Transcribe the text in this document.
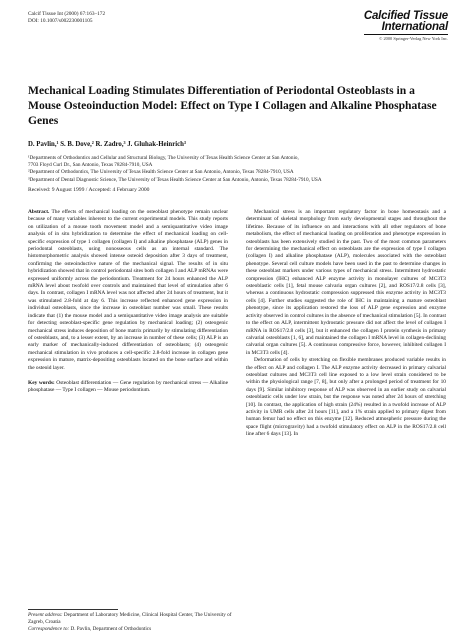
Calcif Tissue Int (2000) 67:163–172
DOI: 10.1007/s002230001105	Calcified Tissue
International
© 2000 Springer-Verlag New York Inc.
Mechanical Loading Stimulates Differentiation of Periodontal Osteoblasts in a Mouse Osteoinduction Model: Effect on Type I Collagen and Alkaline Phosphatase Genes
D. Pavlin,¹ S. B. Dove,² R. Zadro,³ J. Gluhak-Heinrich³
¹Departments of Orthodontics and Cellular and Structural Biology, The University of Texas Health Science Center at San Antonio,
7703 Floyd Curl Dr., San Antonio, Texas 78284-7910, USA
²Department of Orthodontics, The University of Texas Health Science Center at San Antonio, Antonio, Texas 78284-7910, USA
³Department of Dental Diagnostic Science, The University of Texas Health Science Center at San Antonio, Antonio, Texas 78284-7910, USA
Received: 9 August 1999 / Accepted: 4 February 2000

Abstract. The effects of mechanical loading on the osteoblast phenotype remain unclear because of many variables inherent to the current experimental models. This study reports on utilization of a mouse tooth movement model and a semiquantitative video image analysis of in situ hybridization to determine the effect of mechanical loading on cell-specific expression of type 1 collagen (collagen I) and alkaline phosphatase (ALP) genes in periodontal osteoblasts, using nonosseous cells as an internal standard. The histomorphometric analysis showed intense osteoid deposition after 3 days of treatment, confirming the osteoinductive nature of the mechanical signal. The results of in situ hybridization showed that in control periodontal sites both collagen I and ALP mRNAs were expressed uniformly across the periodontium. Treatment for 24 hours enhanced the ALP mRNA level about twofold over controls and maintained that level of stimulation after 6 days. In contrast, collagen I mRNA level was not affected after 24 hours of treatment, but it was stimulated 2.8-fold at day 6. This increase reflected enhanced gene expression in individual osteoblasts, since the increase in osteoblast number was small. These results indicate that (1) the mouse model and a semiquantitative video image analysis are suitable for detecting osteoblast-specific gene regulation by mechanical loading; (2) osteogenic mechanical stress induces deposition of bone matrix primarily by stimulating differentiation of osteoblasts, and, to a lesser extent, by an increase in number of these cells; (3) ALP is an early marker of mechanically-induced differentiation of osteoblasts; (4) osteogenic mechanical stimulation in vivo produces a cell-specific 2.8-fold increase in collagen gene expression in mature, matrix-depositing osteoblasts located on the bone surface and within the osteoid layer.

Key words: Osteoblast differentiation — Gene regulation by mechanical stress — Alkaline phosphatase — Type I collagen — Mouse periodontium.

Mechanical stress is an important regulatory factor in bone homeostasis and a determinant of skeletal morphology from early developmental stages and throughout the lifetime. Because of its influence on and interactions with all other regulators of bone metabolism, the effect of mechanical loading on proliferation and phenotype expression in osteoblasts has been extensively studied in the past. Two of the most common parameters for determining the mechanical effect on osteoblasts are the expression of type I collagen (collagen I) and alkaline phosphatase (ALP), molecules associated with the osteoblast phenotype. Several cell culture models have been used in the past to determine changes in these osteoblast markers under various types of mechanical stress. Intermittent hydrostatic compression (IHC) enhanced ALP enzyme activity in monolayer cultures of MC3T3 osteoblastic cells [1], fetal mouse calvaria organ cultures [2], and ROS17/2.8 cells [3], whereas a continuous hydrostatic compression suppressed this enzyme activity in MC3T3 cells [4]. Further studies suggested the role of IHC in maintaining a mature osteoblast phenotype, since its application restored the loss of ALP gene expression and enzyme activity observed in control cultures in the absence of mechanical stimulation [5]. In contrast to the effect on ALP, intermittent hydrostatic pressure did not affect the level of collagen I mRNA in ROS17/2.8 cells [3], but it enhanced the collagen I protein synthesis in primary calvarial osteoblasts [1, 6], and maintained the collagen I mRNA level in collagen-declining calvarial organ cultures [5]. A continuous compressive force, however, inhibited collagen I in MC3T3 cells [4].

Deformation of cells by stretching on flexible membranes produced variable results in the effect on ALP and collagen I. The ALP enzyme activity decreased in primary calvarial osteoblast cultures and MC3T3 cell line exposed to a low level strain considered to be within the physiological range [7, 8], but only after a prolonged period of treatment for 10 days [9]. Similar inhibitory response of ALP was observed in an earlier study on calvarial osteoblastic cells under low strain, but the response was noted after 24 hours of stretching [10]. In contrast, the application of high strain (24%) resulted in a twofold increase of ALP activity in UMR cells after 24 hours [11], and a 1% strain applied to primary digest from human femur had no effect on this enzyme [12]. Reduced atmospheric pressure during the space flight (microgravity) had a twofold stimulatory effect on ALP in the ROS17/2.8 cell line after 6 days [13]. In

Present address: Department of Laboratory Medicine, Clinical Hospital Center, The University of Zagreb, Croatia
Correspondence to: D. Pavlin, Department of Orthodontics
